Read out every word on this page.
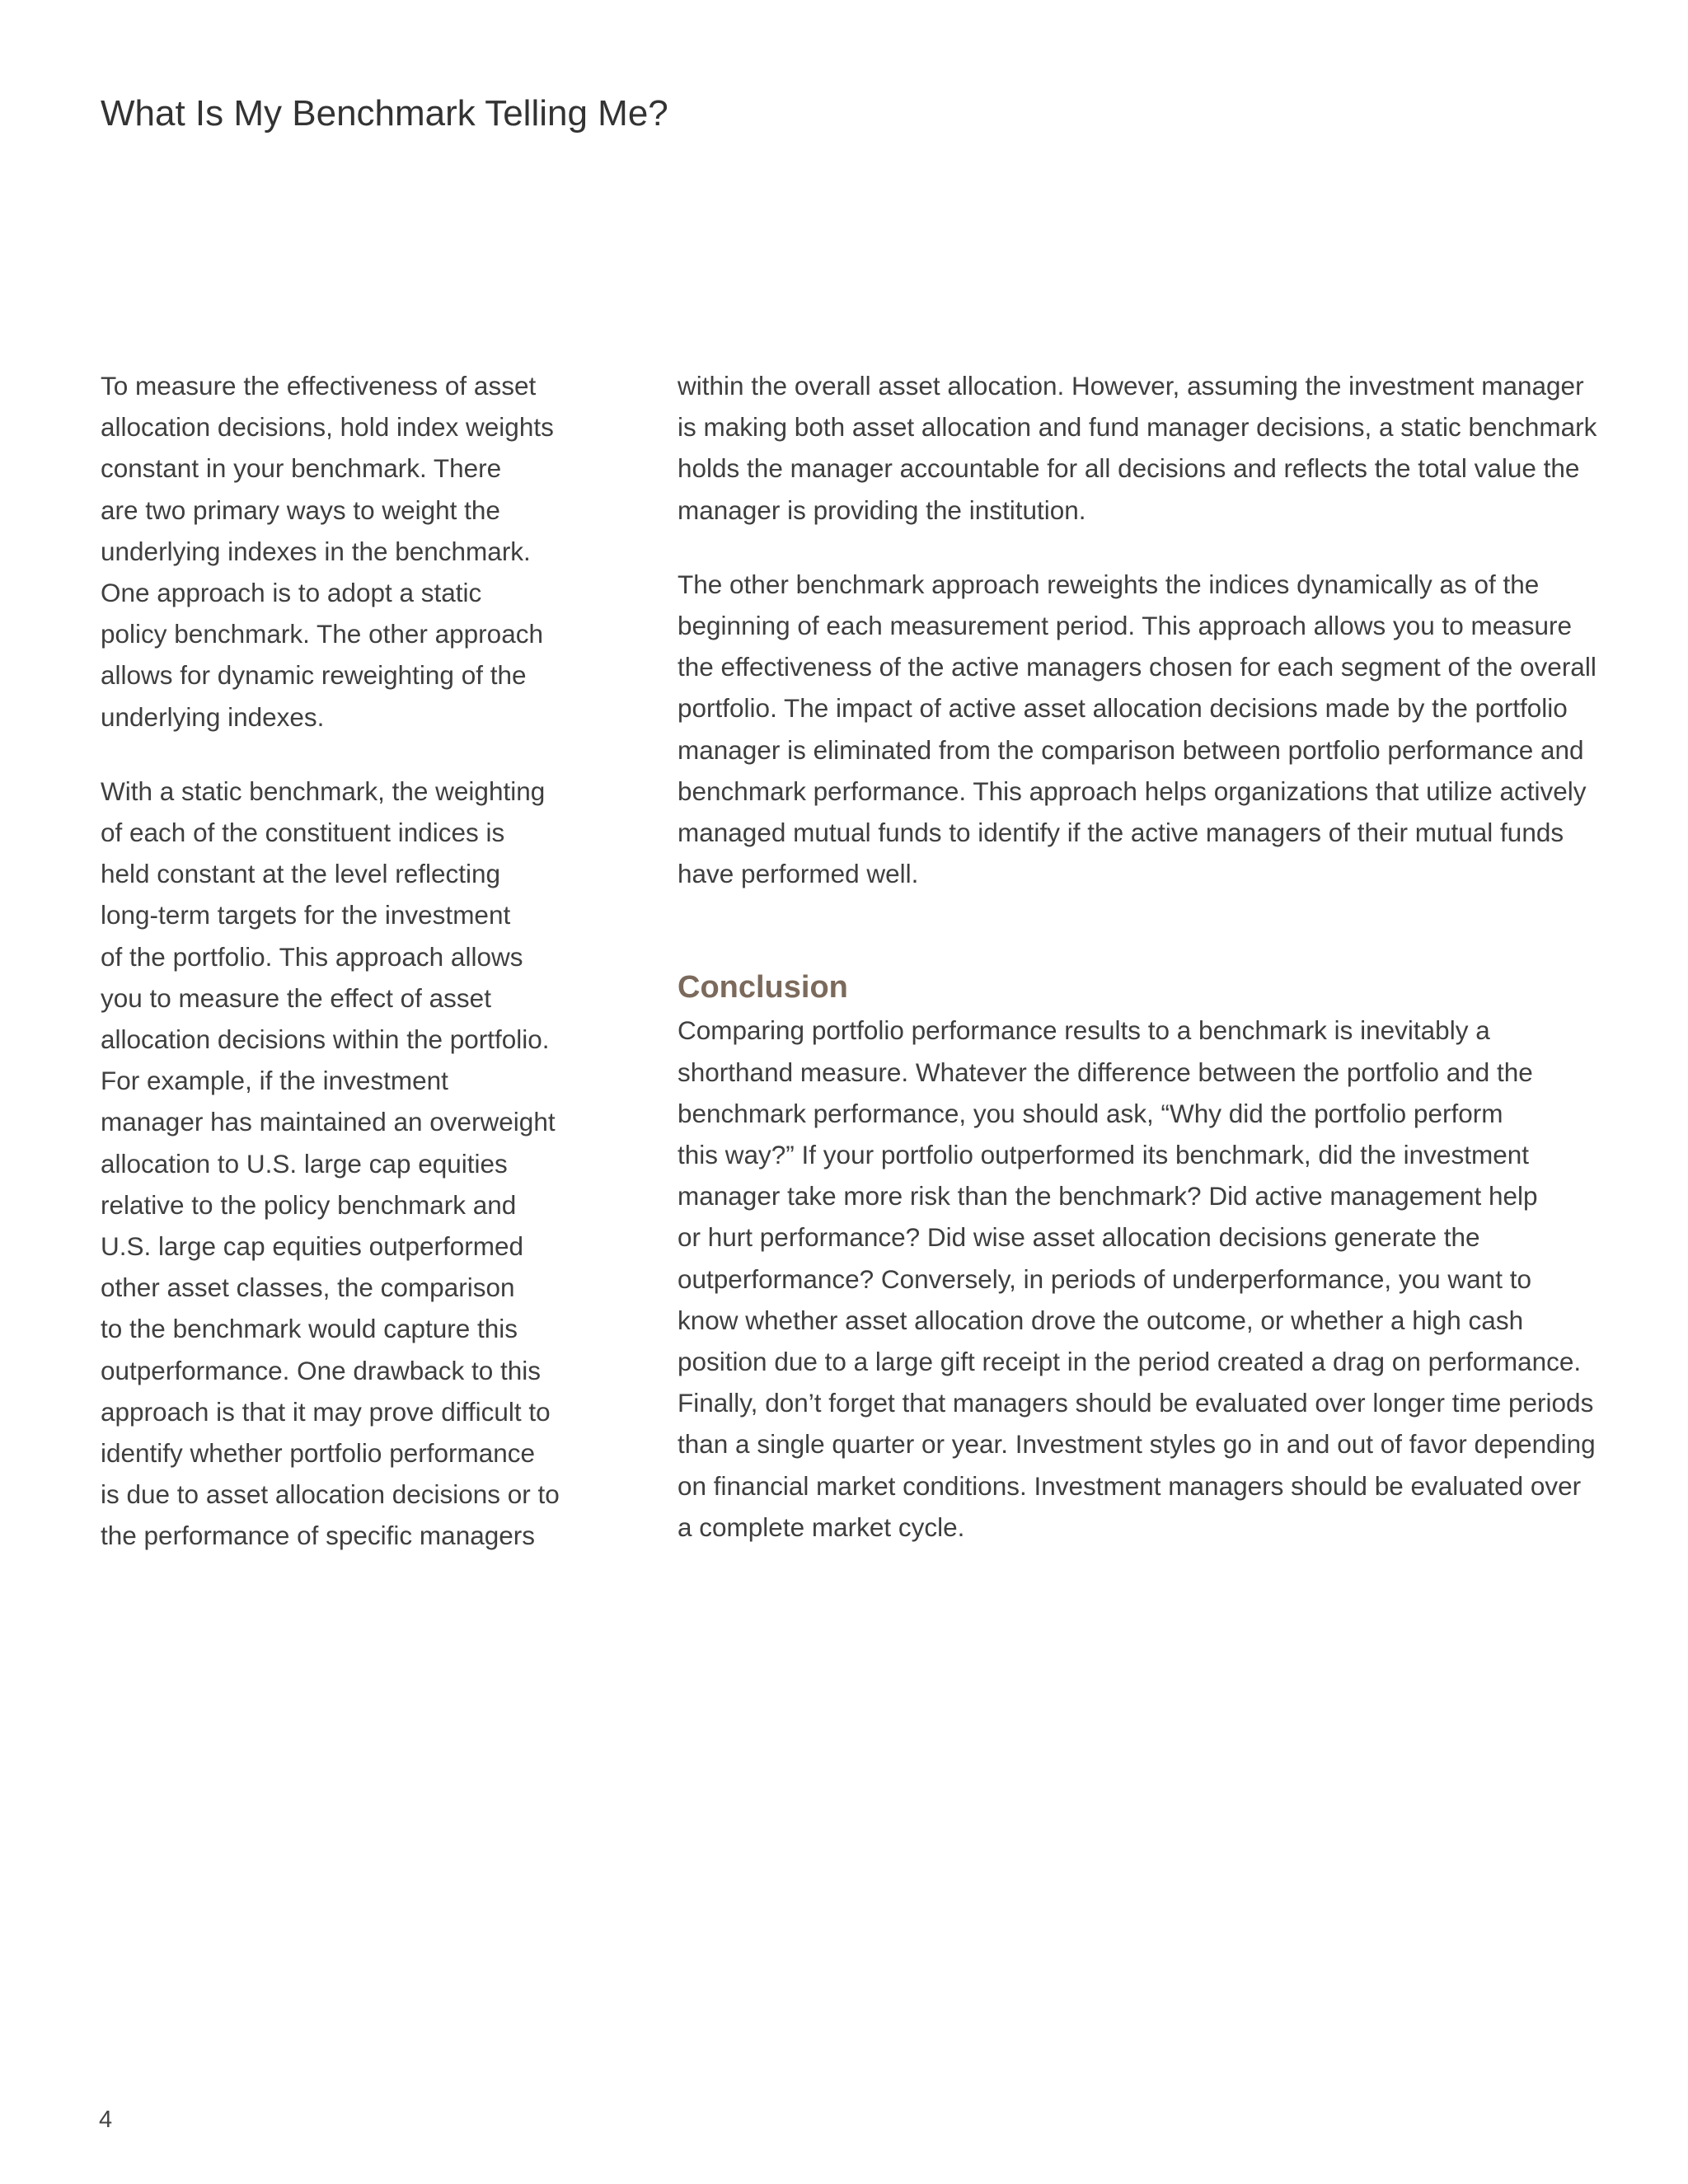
What Is My Benchmark Telling Me?
To measure the effectiveness of asset
allocation decisions, hold index weights
constant in your benchmark. There
are two primary ways to weight the
underlying indexes in the benchmark.
One approach is to adopt a static
policy benchmark. The other approach
allows for dynamic reweighting of the
underlying indexes.
With a static benchmark, the weighting
of each of the constituent indices is
held constant at the level reflecting
long-term targets for the investment
of the portfolio. This approach allows
you to measure the effect of asset
allocation decisions within the portfolio.
For example, if the investment
manager has maintained an overweight
allocation to U.S. large cap equities
relative to the policy benchmark and
U.S. large cap equities outperformed
other asset classes, the comparison
to the benchmark would capture this
outperformance. One drawback to this
approach is that it may prove difficult to
identify whether portfolio performance
is due to asset allocation decisions or to
the performance of specific managers
within the overall asset allocation. However, assuming the investment manager
is making both asset allocation and fund manager decisions, a static benchmark
holds the manager accountable for all decisions and reflects the total value the
manager is providing the institution.
The other benchmark approach reweights the indices dynamically as of the
beginning of each measurement period. This approach allows you to measure
the effectiveness of the active managers chosen for each segment of the overall
portfolio. The impact of active asset allocation decisions made by the portfolio
manager is eliminated from the comparison between portfolio performance and
benchmark performance. This approach helps organizations that utilize actively
managed mutual funds to identify if the active managers of their mutual funds
have performed well.
Conclusion
Comparing portfolio performance results to a benchmark is inevitably a
shorthand measure. Whatever the difference between the portfolio and the
benchmark performance, you should ask, “Why did the portfolio perform
this way?” If your portfolio outperformed its benchmark, did the investment
manager take more risk than the benchmark? Did active management help
or hurt performance? Did wise asset allocation decisions generate the
outperformance? Conversely, in periods of underperformance, you want to
know whether asset allocation drove the outcome, or whether a high cash
position due to a large gift receipt in the period created a drag on performance.
Finally, don’t forget that managers should be evaluated over longer time periods
than a single quarter or year. Investment styles go in and out of favor depending
on financial market conditions. Investment managers should be evaluated over
a complete market cycle.
4
